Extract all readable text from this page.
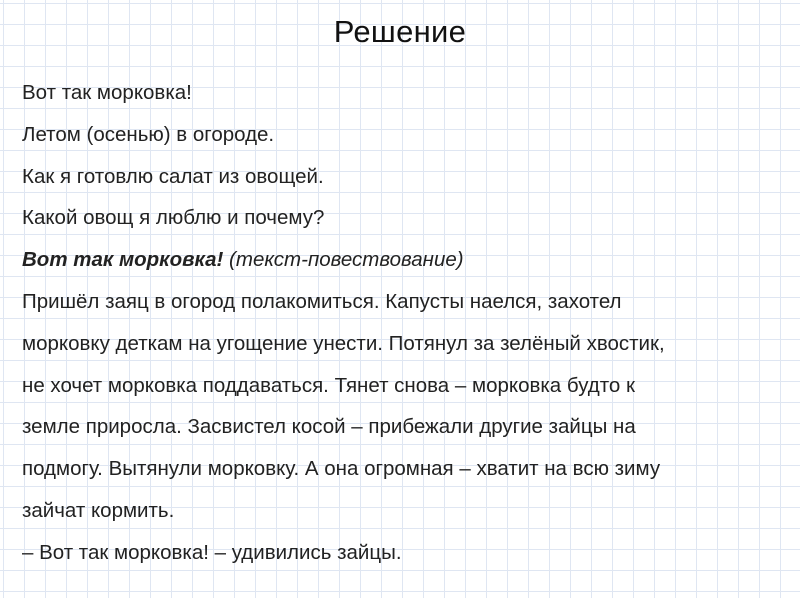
Решение
Вот так морковка!
Летом (осенью) в огороде.
Как я готовлю салат из овощей.
Какой овощ я люблю и почему?
Вот так морковка! (текст-повествование)
Пришёл заяц в огород полакомиться. Капусты наелся, захотел
морковку деткам на угощение унести. Потянул за зелёный хвостик,
не хочет морковка поддаваться. Тянет снова – морковка будто к
земле приросла. Засвистел косой – прибежали другие зайцы на
подмогу. Вытянули морковку. А она огромная – хватит на всю зиму
зайчат кормить.
– Вот так морковка! – удивились зайцы.
